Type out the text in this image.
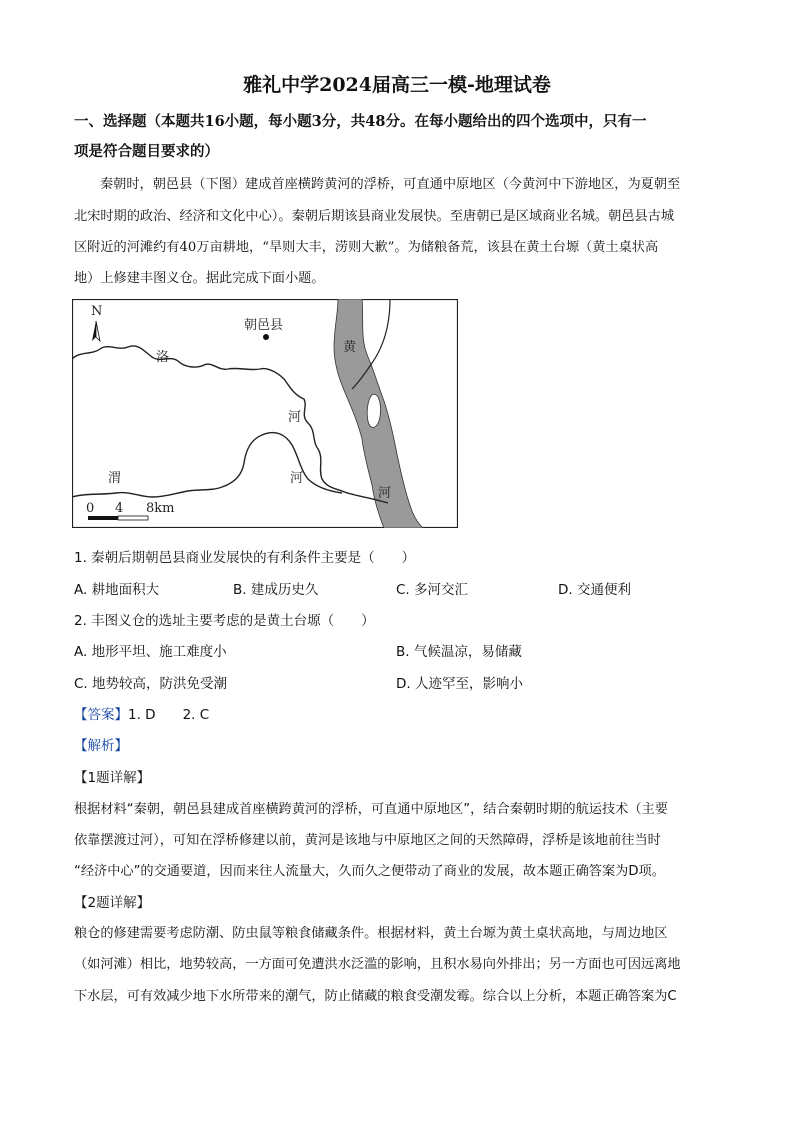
雅礼中学2024届高三一模-地理试卷
一、选择题（本题共16小题，每小题3分，共48分。在每小题给出的四个选项中，只有一
项是符合题目要求的）
秦朝时，朝邑县（下图）建成首座横跨黄河的浮桥，可直通中原地区（今黄河中下游地区，为夏朝至
北宋时期的政治、经济和文化中心）。秦朝后期该县商业发展快。至唐朝已是区域商业名城。朝邑县古城
区附近的河滩约有40万亩耕地，“旱则大丰，涝则大歉”。为储粮备荒，该县在黄土台塬（黄土桌状高
地）上修建丰图义仓。据此完成下面小题。
N
朝邑县
洛
河
渭	河
黄
河
0 4 8km
1. 秦朝后期朝邑县商业发展快的有利条件主要是（　　）
A. 耕地面积大	B. 建成历史久	C. 多河交汇	D. 交通便利
2. 丰图义仓的选址主要考虑的是黄土台塬（　　）
A. 地形平坦、施工难度小	B. 气候温凉，易储藏
C. 地势较高，防洪免受潮	D. 人迹罕至，影响小
【答案】1. D　　2. C
【解析】
【1题详解】
根据材料“秦朝，朝邑县建成首座横跨黄河的浮桥，可直通中原地区”，结合秦朝时期的航运技术（主要
依靠摆渡过河），可知在浮桥修建以前，黄河是该地与中原地区之间的天然障碍，浮桥是该地前往当时
“经济中心”的交通要道，因而来往人流量大，久而久之便带动了商业的发展，故本题正确答案为D项。
【2题详解】
粮仓的修建需要考虑防潮、防虫鼠等粮食储藏条件。根据材料，黄土台塬为黄土桌状高地，与周边地区
（如河滩）相比，地势较高，一方面可免遭洪水泛滥的影响，且积水易向外排出；另一方面也可因远离地
下水层，可有效减少地下水所带来的潮气，防止储藏的粮食受潮发霉。综合以上分析，本题正确答案为C
